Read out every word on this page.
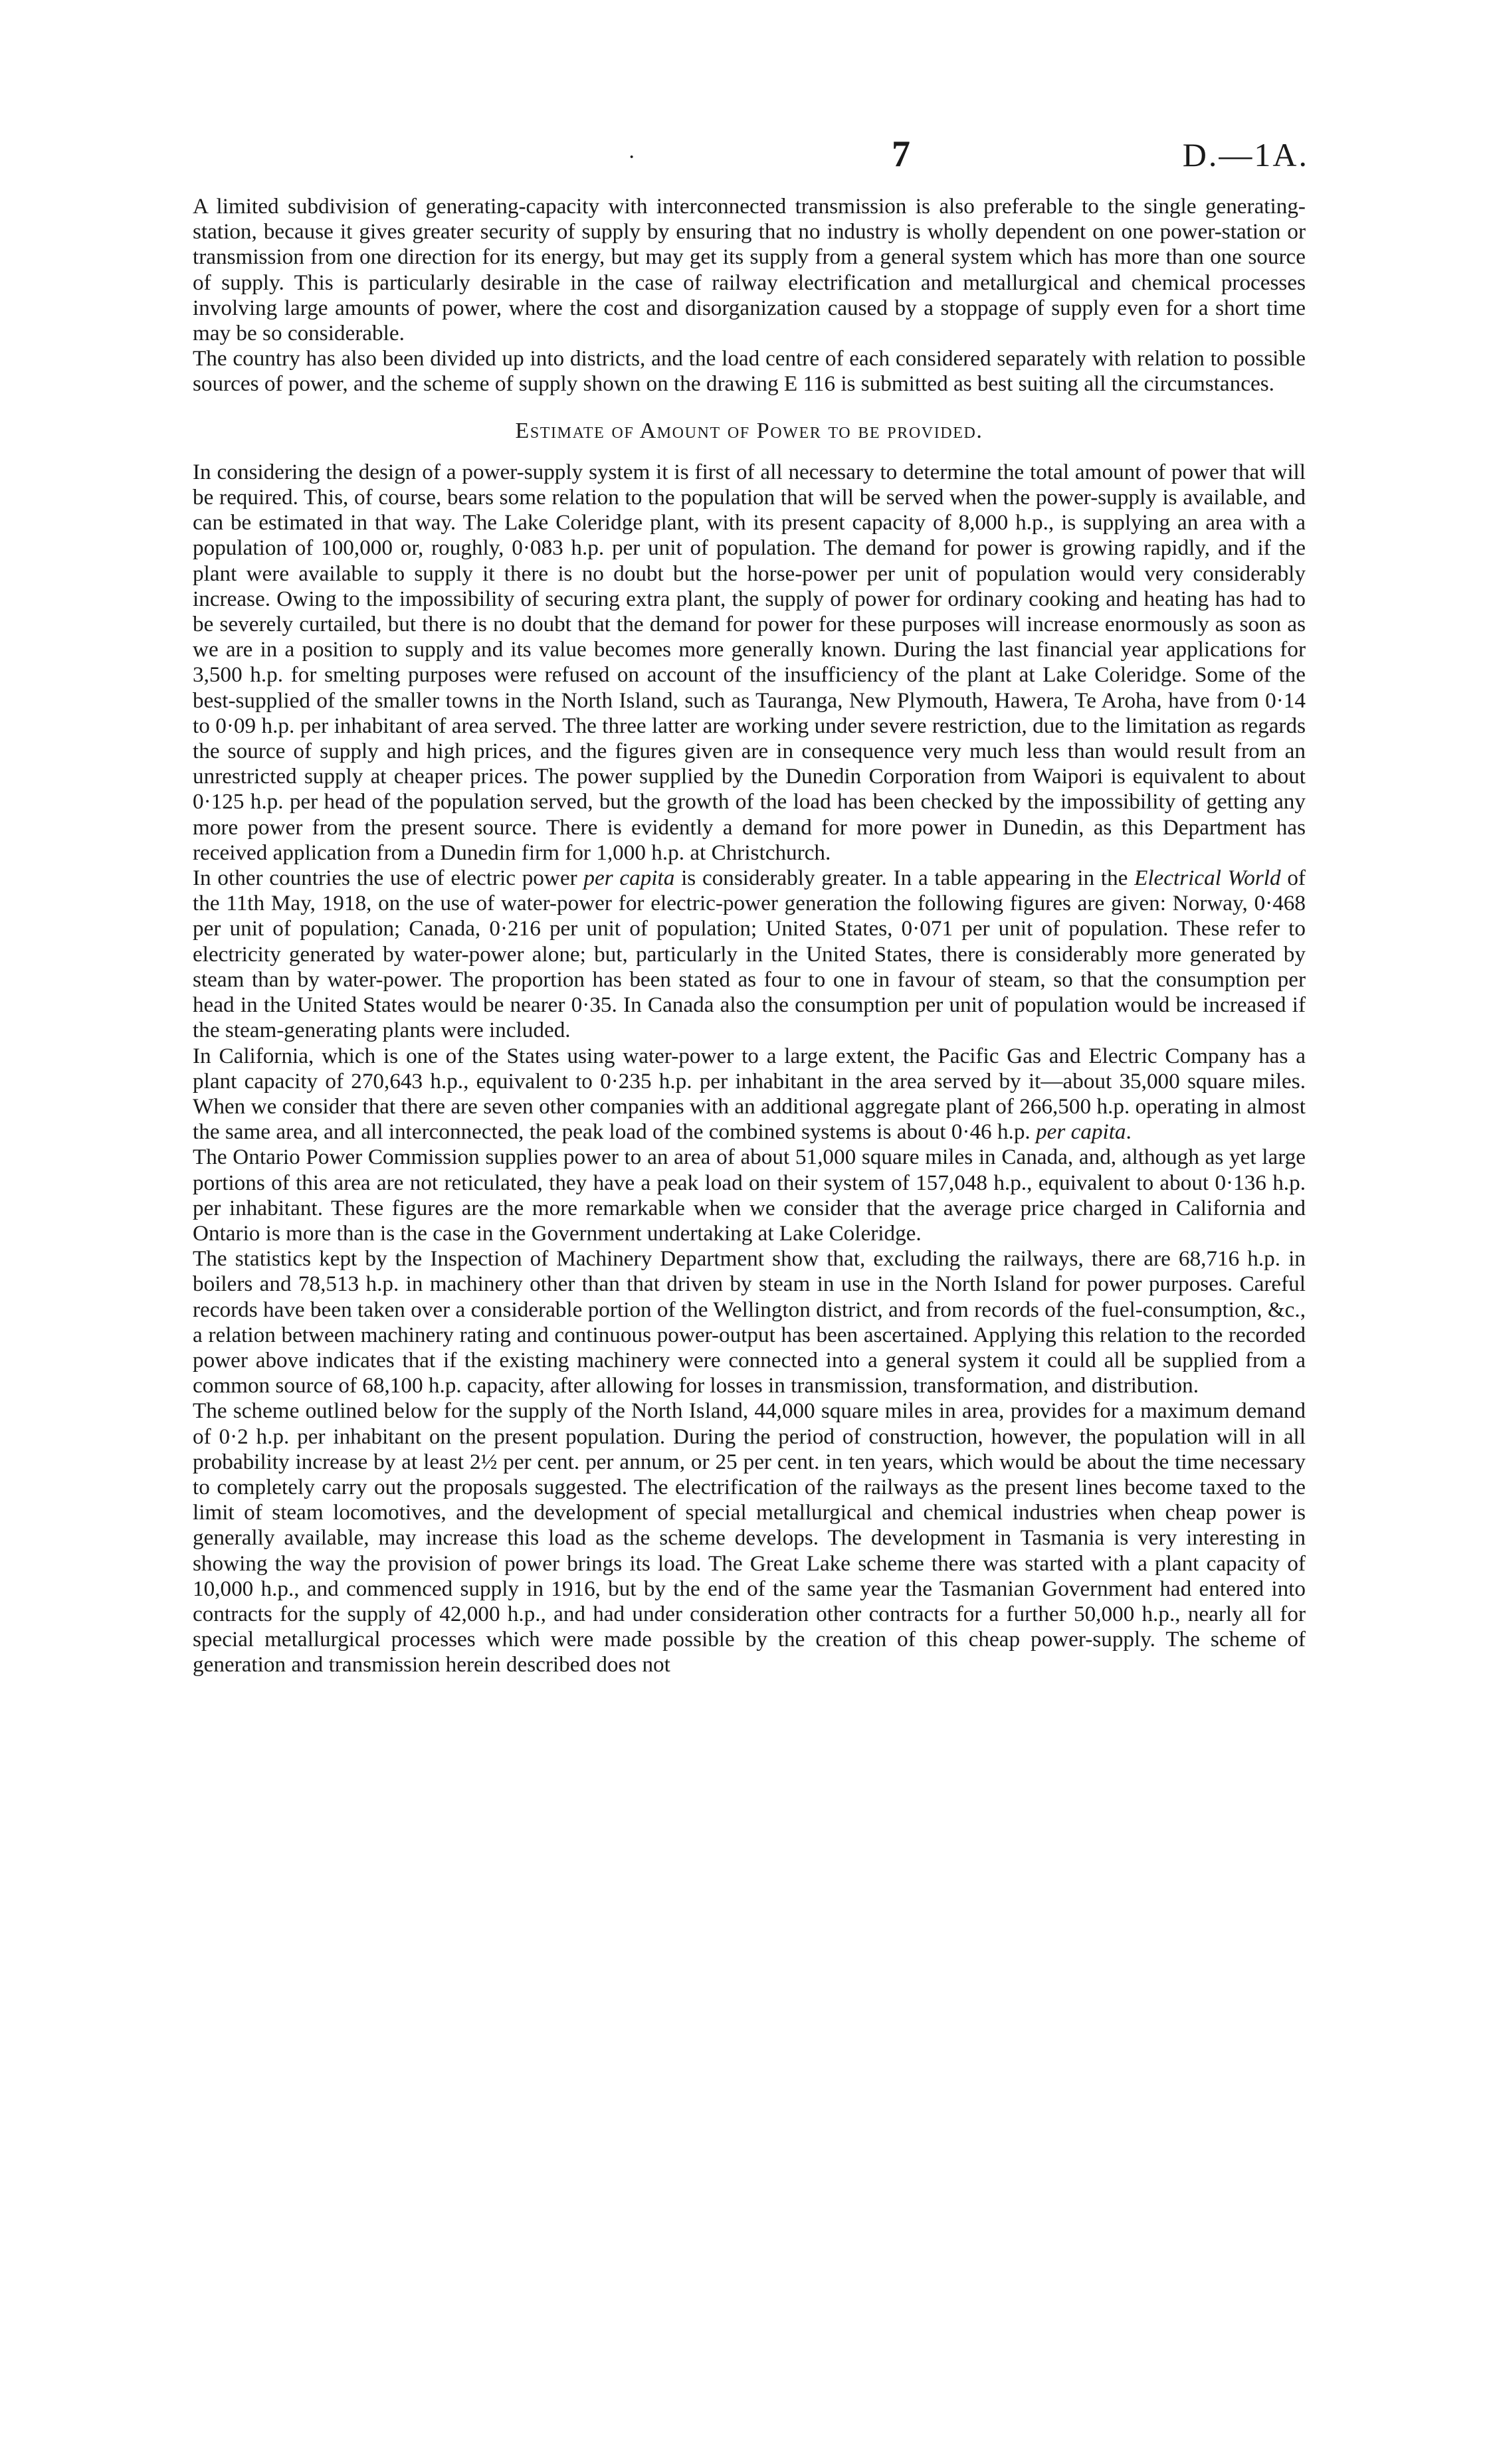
·	7	D.—1A.

A limited subdivision of generating-capacity with interconnected transmission is also preferable to the single generating-station, because it gives greater security of supply by ensuring that no industry is wholly dependent on one power-station or transmission from one direction for its energy, but may get its supply from a general system which has more than one source of supply. This is particularly desirable in the case of railway electrification and metallurgical and chemical processes involving large amounts of power, where the cost and disorganization caused by a stoppage of supply even for a short time may be so considerable.

The country has also been divided up into districts, and the load centre of each considered separately with relation to possible sources of power, and the scheme of supply shown on the drawing E 116 is submitted as best suiting all the circumstances.

Estimate of Amount of Power to be provided.

In considering the design of a power-supply system it is first of all necessary to determine the total amount of power that will be required. This, of course, bears some relation to the population that will be served when the power-supply is available, and can be estimated in that way. The Lake Coleridge plant, with its present capacity of 8,000 h.p., is supplying an area with a population of 100,000 or, roughly, 0·083 h.p. per unit of population. The demand for power is growing rapidly, and if the plant were available to supply it there is no doubt but the horse-power per unit of population would very considerably increase. Owing to the impossibility of securing extra plant, the supply of power for ordinary cooking and heating has had to be severely curtailed, but there is no doubt that the demand for power for these purposes will increase enormously as soon as we are in a position to supply and its value becomes more generally known. During the last financial year applications for 3,500 h.p. for smelting purposes were refused on account of the insufficiency of the plant at Lake Coleridge. Some of the best-supplied of the smaller towns in the North Island, such as Tauranga, New Plymouth, Hawera, Te Aroha, have from 0·14 to 0·09 h.p. per inhabitant of area served. The three latter are working under severe restriction, due to the limitation as regards the source of supply and high prices, and the figures given are in consequence very much less than would result from an unrestricted supply at cheaper prices. The power supplied by the Dunedin Corporation from Waipori is equivalent to about 0·125 h.p. per head of the population served, but the growth of the load has been checked by the impossibility of getting any more power from the present source. There is evidently a demand for more power in Dunedin, as this Department has received application from a Dunedin firm for 1,000 h.p. at Christchurch.

In other countries the use of electric power per capita is considerably greater. In a table appearing in the Electrical World of the 11th May, 1918, on the use of water-power for electric-power generation the following figures are given: Norway, 0·468 per unit of population; Canada, 0·216 per unit of population; United States, 0·071 per unit of population. These refer to electricity generated by water-power alone; but, particularly in the United States, there is considerably more generated by steam than by water-power. The proportion has been stated as four to one in favour of steam, so that the consumption per head in the United States would be nearer 0·35. In Canada also the consumption per unit of population would be increased if the steam-generating plants were included.

In California, which is one of the States using water-power to a large extent, the Pacific Gas and Electric Company has a plant capacity of 270,643 h.p., equivalent to 0·235 h.p. per inhabitant in the area served by it—about 35,000 square miles. When we consider that there are seven other companies with an additional aggregate plant of 266,500 h.p. operating in almost the same area, and all interconnected, the peak load of the combined systems is about 0·46 h.p. per capita.

The Ontario Power Commission supplies power to an area of about 51,000 square miles in Canada, and, although as yet large portions of this area are not reticulated, they have a peak load on their system of 157,048 h.p., equivalent to about 0·136 h.p. per inhabitant. These figures are the more remarkable when we consider that the average price charged in California and Ontario is more than is the case in the Government undertaking at Lake Coleridge.

The statistics kept by the Inspection of Machinery Department show that, excluding the railways, there are 68,716 h.p. in boilers and 78,513 h.p. in machinery other than that driven by steam in use in the North Island for power purposes. Careful records have been taken over a considerable portion of the Wellington district, and from records of the fuel-consumption, &c., a relation between machinery rating and continuous power-output has been ascertained. Applying this relation to the recorded power above indicates that if the existing machinery were connected into a general system it could all be supplied from a common source of 68,100 h.p. capacity, after allowing for losses in transmission, transformation, and distribution.

The scheme outlined below for the supply of the North Island, 44,000 square miles in area, provides for a maximum demand of 0·2 h.p. per inhabitant on the present population. During the period of construction, however, the population will in all probability increase by at least 2½ per cent. per annum, or 25 per cent. in ten years, which would be about the time necessary to completely carry out the proposals suggested. The electrification of the railways as the present lines become taxed to the limit of steam locomotives, and the development of special metallurgical and chemical industries when cheap power is generally available, may increase this load as the scheme develops. The development in Tasmania is very interesting in showing the way the provision of power brings its load. The Great Lake scheme there was started with a plant capacity of 10,000 h.p., and commenced supply in 1916, but by the end of the same year the Tasmanian Government had entered into contracts for the supply of 42,000 h.p., and had under consideration other contracts for a further 50,000 h.p., nearly all for special metallurgical processes which were made possible by the creation of this cheap power-supply. The scheme of generation and transmission herein described does not
